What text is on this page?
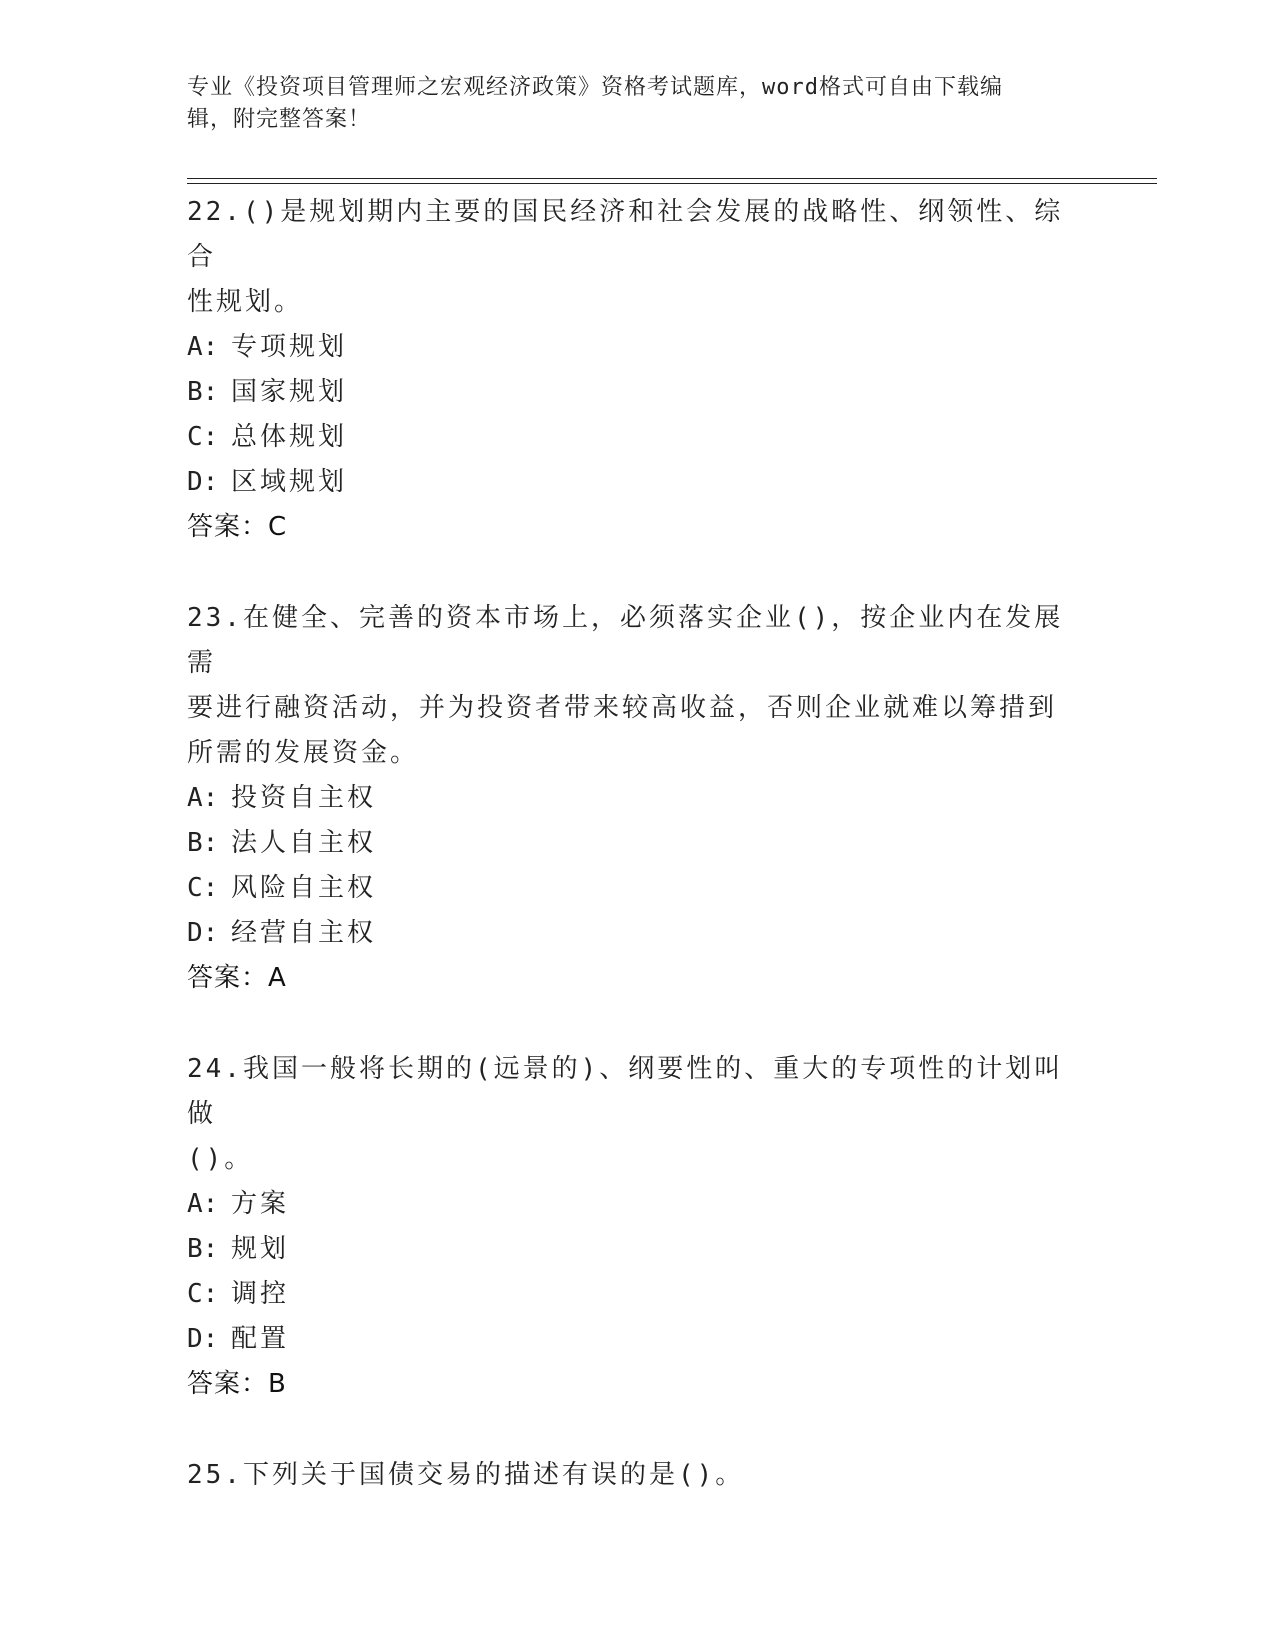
专业《投资项目管理师之宏观经济政策》资格考试题库，word格式可自由下载编
辑，附完整答案！
22.()是规划期内主要的国民经济和社会发展的战略性、纲领性、综合
性规划。
A: 专项规划
B: 国家规划
C: 总体规划
D: 区域规划
答案：C
23.在健全、完善的资本市场上，必须落实企业()，按企业内在发展需
要进行融资活动，并为投资者带来较高收益，否则企业就难以筹措到
所需的发展资金。
A: 投资自主权
B: 法人自主权
C: 风险自主权
D: 经营自主权
答案：A
24.我国一般将长期的(远景的)、纲要性的、重大的专项性的计划叫做
()。
A: 方案
B: 规划
C: 调控
D: 配置
答案：B
25.下列关于国债交易的描述有误的是()。
